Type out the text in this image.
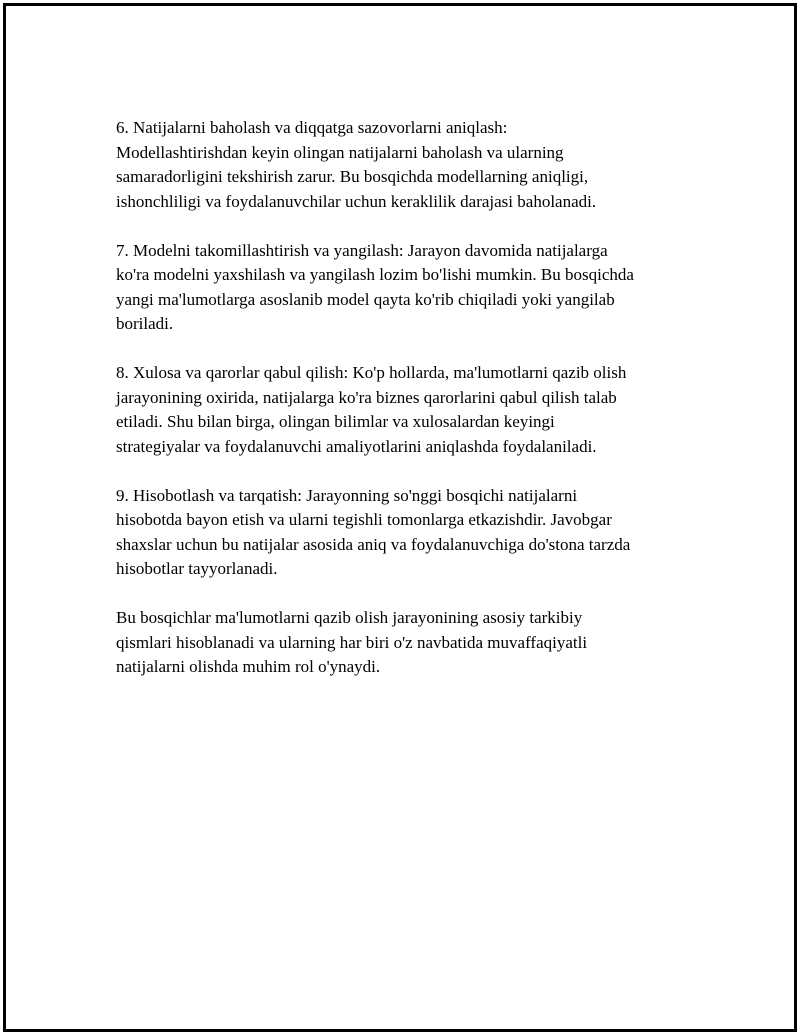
6. Natijalarni baholash va diqqatga sazovorlarni aniqlash:
Modellashtirishdan keyin olingan natijalarni baholash va ularning
samaradorligini tekshirish zarur. Bu bosqichda modellarning aniqligi,
ishonchliligi va foydalanuvchilar uchun keraklilik darajasi baholanadi.

7. Modelni takomillashtirish va yangilash: Jarayon davomida natijalarga
ko'ra modelni yaxshilash va yangilash lozim bo'lishi mumkin. Bu bosqichda
yangi ma'lumotlarga asoslanib model qayta ko'rib chiqiladi yoki yangilab
boriladi.

8. Xulosa va qarorlar qabul qilish: Ko'p hollarda, ma'lumotlarni qazib olish
jarayonining oxirida, natijalarga ko'ra biznes qarorlarini qabul qilish talab
etiladi. Shu bilan birga, olingan bilimlar va xulosalardan keyingi
strategiyalar va foydalanuvchi amaliyotlarini aniqlashda foydalaniladi.

9. Hisobotlash va tarqatish: Jarayonning so'nggi bosqichi natijalarni
hisobotda bayon etish va ularni tegishli tomonlarga etkazishdir. Javobgar
shaxslar uchun bu natijalar asosida aniq va foydalanuvchiga do'stona tarzda
hisobotlar tayyorlanadi.

Bu bosqichlar ma'lumotlarni qazib olish jarayonining asosiy tarkibiy
qismlari hisoblanadi va ularning har biri o'z navbatida muvaffaqiyatli
natijalarni olishda muhim rol o'ynaydi.
